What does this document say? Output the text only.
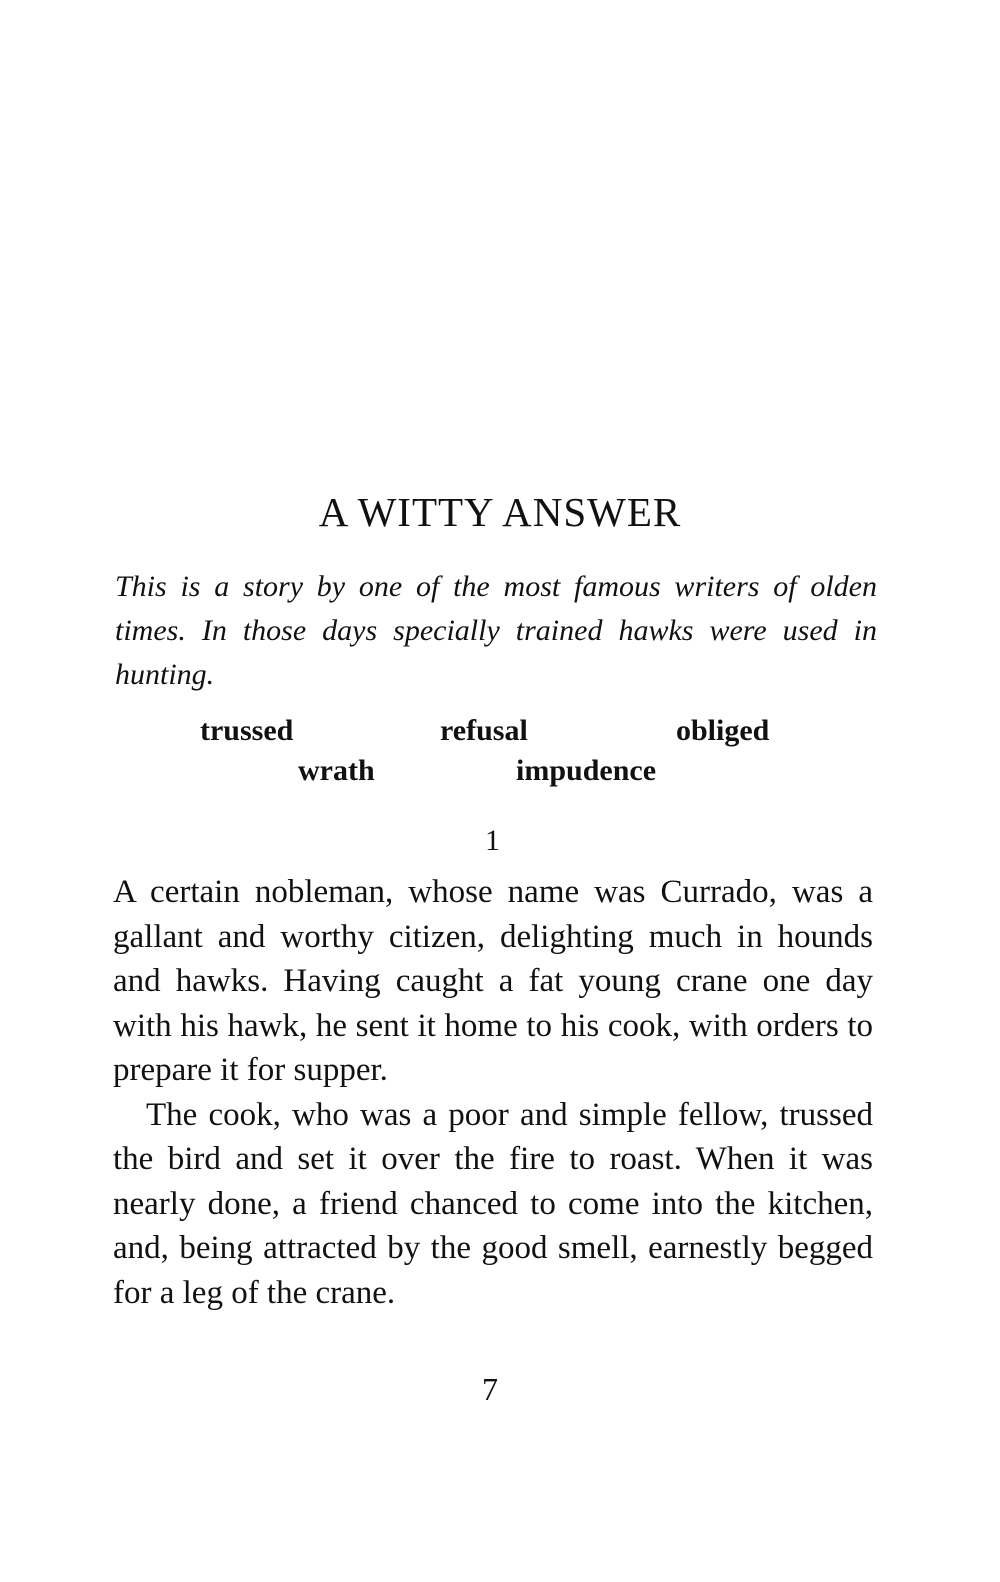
A WITTY ANSWER

This is a story by one of the most famous writers of olden times. In those days specially trained hawks were used in hunting.

trussed	refusal	obliged
wrath	impudence

1

A certain nobleman, whose name was Currado, was a gallant and worthy citizen, delighting much in hounds and hawks. Having caught a fat young crane one day with his hawk, he sent it home to his cook, with orders to prepare it for supper.

The cook, who was a poor and simple fellow, trussed the bird and set it over the fire to roast. When it was nearly done, a friend chanced to come into the kitchen, and, being attracted by the good smell, earnestly begged for a leg of the crane.

7
